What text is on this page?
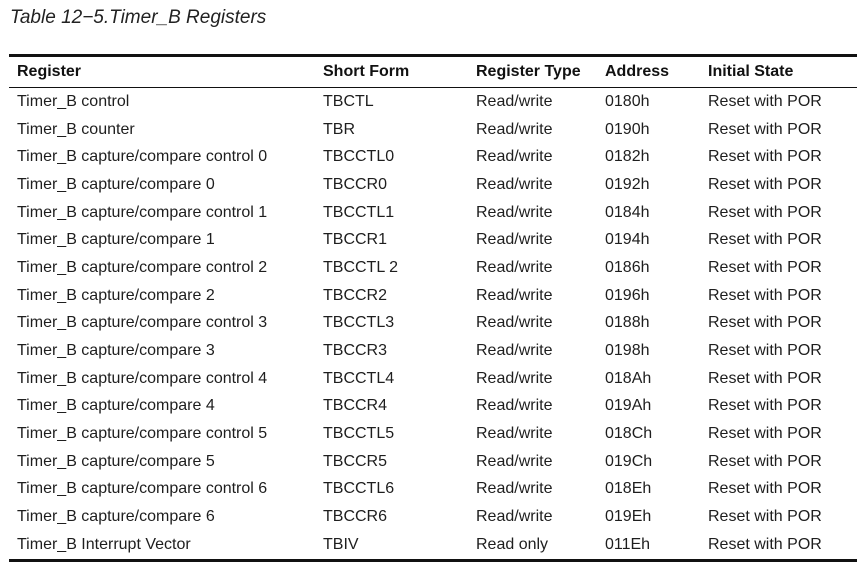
Table 12−5.Timer_B Registers
Register	Short Form	Register Type	Address	Initial State
Timer_B control	TBCTL	Read/write	0180h	Reset with POR
Timer_B counter	TBR	Read/write	0190h	Reset with POR
Timer_B capture/compare control 0	TBCCTL0	Read/write	0182h	Reset with POR
Timer_B capture/compare 0	TBCCR0	Read/write	0192h	Reset with POR
Timer_B capture/compare control 1	TBCCTL1	Read/write	0184h	Reset with POR
Timer_B capture/compare 1	TBCCR1	Read/write	0194h	Reset with POR
Timer_B capture/compare control 2	TBCCTL 2	Read/write	0186h	Reset with POR
Timer_B capture/compare 2	TBCCR2	Read/write	0196h	Reset with POR
Timer_B capture/compare control 3	TBCCTL3	Read/write	0188h	Reset with POR
Timer_B capture/compare 3	TBCCR3	Read/write	0198h	Reset with POR
Timer_B capture/compare control 4	TBCCTL4	Read/write	018Ah	Reset with POR
Timer_B capture/compare 4	TBCCR4	Read/write	019Ah	Reset with POR
Timer_B capture/compare control 5	TBCCTL5	Read/write	018Ch	Reset with POR
Timer_B capture/compare 5	TBCCR5	Read/write	019Ch	Reset with POR
Timer_B capture/compare control 6	TBCCTL6	Read/write	018Eh	Reset with POR
Timer_B capture/compare 6	TBCCR6	Read/write	019Eh	Reset with POR
Timer_B Interrupt Vector	TBIV	Read only	011Eh	Reset with POR
